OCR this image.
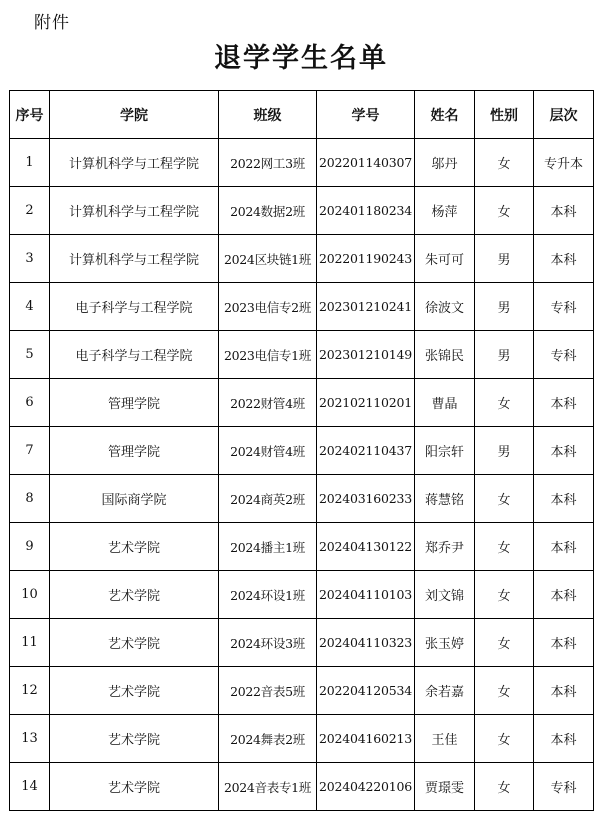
附件
退学学生名单
序号	学院	班级	学号	姓名	性别	层次
1	计算机科学与工程学院	2022网工3班	202201140307	邬丹	女	专升本
2	计算机科学与工程学院	2024数据2班	202401180234	杨萍	女	本科
3	计算机科学与工程学院	2024区块链1班	202201190243	朱可可	男	本科
4	电子科学与工程学院	2023电信专2班	202301210241	徐波文	男	专科
5	电子科学与工程学院	2023电信专1班	202301210149	张锦民	男	专科
6	管理学院	2022财管4班	202102110201	曹晶	女	本科
7	管理学院	2024财管4班	202402110437	阳宗轩	男	本科
8	国际商学院	2024商英2班	202403160233	蒋慧铭	女	本科
9	艺术学院	2024播主1班	202404130122	郑乔尹	女	本科
10	艺术学院	2024环设1班	202404110103	刘文锦	女	本科
11	艺术学院	2024环设3班	202404110323	张玉婷	女	本科
12	艺术学院	2022音表5班	202204120534	余若嘉	女	本科
13	艺术学院	2024舞表2班	202404160213	王佳	女	本科
14	艺术学院	2024音表专1班	202404220106	贾璟雯	女	专科
